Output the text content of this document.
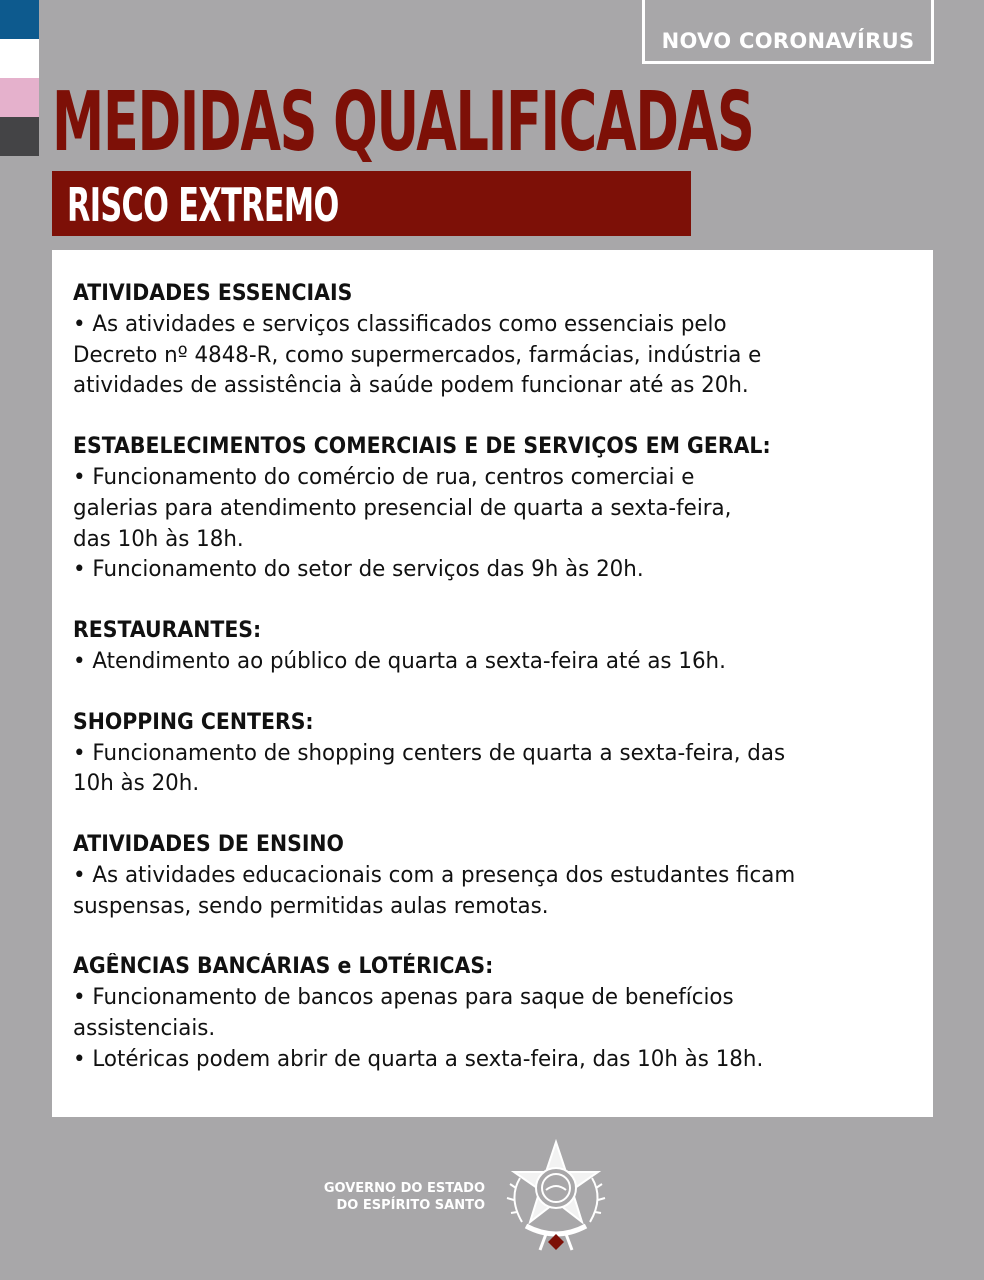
NOVO CORONAVÍRUS
MEDIDAS QUALIFICADAS
RISCO EXTREMO
ATIVIDADES ESSENCIAIS
• As atividades e serviços classificados como essenciais pelo
Decreto nº 4848-R, como supermercados, farmácias, indústria e
atividades de assistência à saúde podem funcionar até as 20h.
ESTABELECIMENTOS COMERCIAIS E DE SERVIÇOS EM GERAL:
• Funcionamento do comércio de rua, centros comerciai e
galerias para atendimento presencial de quarta a sexta-feira,
das 10h às 18h.
• Funcionamento do setor de serviços das 9h às 20h.
RESTAURANTES:
• Atendimento ao público de quarta a sexta-feira até as 16h.
SHOPPING CENTERS:
• Funcionamento de shopping centers de quarta a sexta-feira, das
10h às 20h.
ATIVIDADES DE ENSINO
• As atividades educacionais com a presença dos estudantes ficam
suspensas, sendo permitidas aulas remotas.
AGÊNCIAS BANCÁRIAS e LOTÉRICAS:
• Funcionamento de bancos apenas para saque de benefícios
assistenciais.
• Lotéricas podem abrir de quarta a sexta-feira, das 10h às 18h.
GOVERNO DO ESTADO
DO ESPÍRITO SANTO
